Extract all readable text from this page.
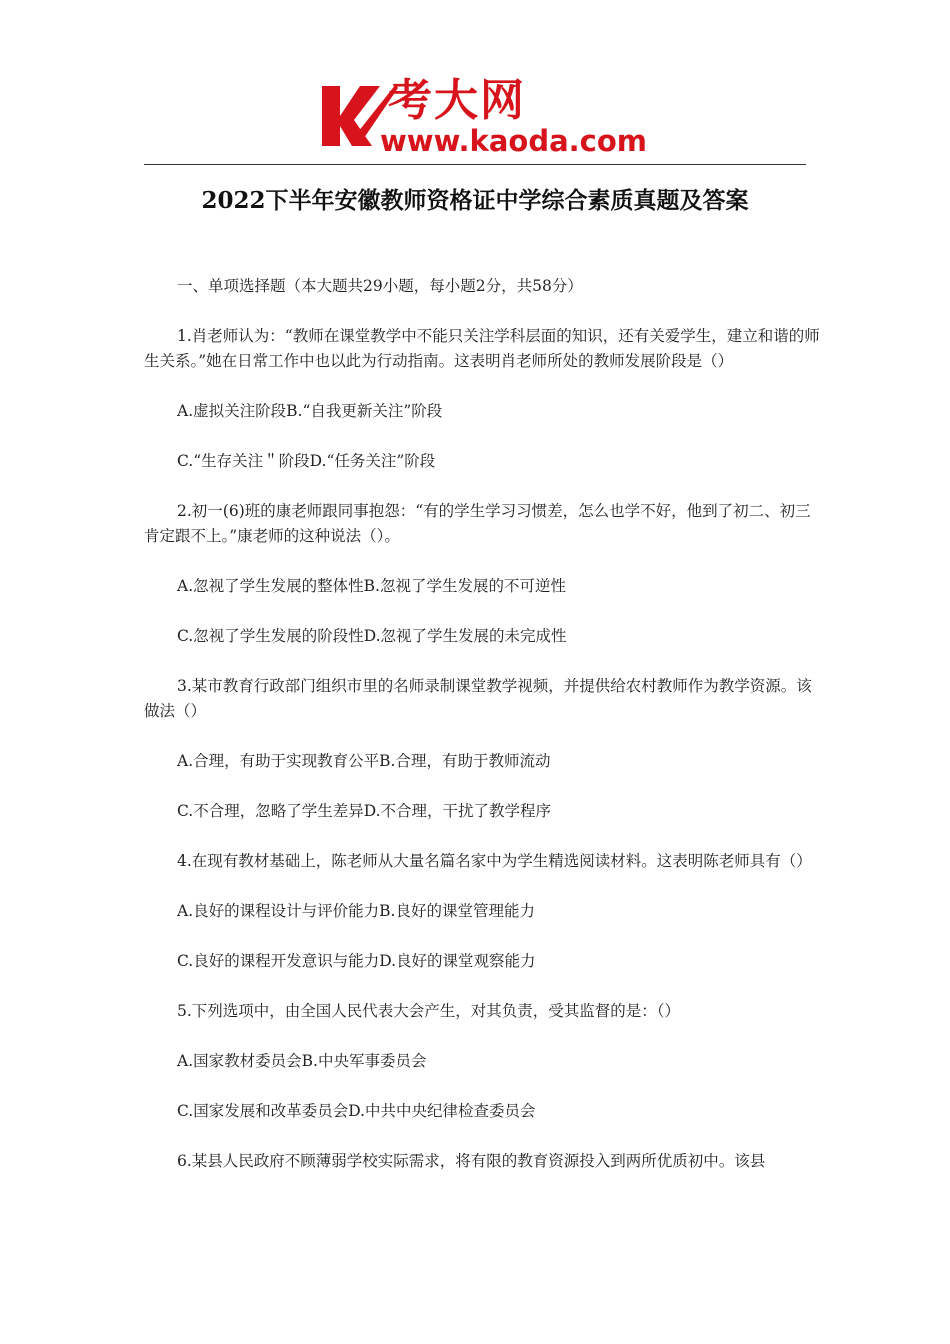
考大网
www.kaoda.com
2022下半年安徽教师资格证中学综合素质真题及答案

一、单项选择题（本大题共29小题，每小题2分，共58分）

1.肖老师认为：“教师在课堂教学中不能只关注学科层面的知识，还有关爱学生，建立和谐的师生关系。”她在日常工作中也以此为行动指南。这表明肖老师所处的教师发展阶段是（）

A.虚拟关注阶段B.“自我更新关注”阶段

C.“生存关注＂阶段D.“任务关注”阶段

2.初一(6)班的康老师跟同事抱怨：“有的学生学习习惯差，怎么也学不好，他到了初二、初三肯定跟不上。”康老师的这种说法（）。

A.忽视了学生发展的整体性B.忽视了学生发展的不可逆性

C.忽视了学生发展的阶段性D.忽视了学生发展的未完成性

3.某市教育行政部门组织市里的名师录制课堂教学视频，并提供给农村教师作为教学资源。该做法（）

A.合理，有助于实现教育公平B.合理，有助于教师流动

C.不合理，忽略了学生差异D.不合理，干扰了教学程序

4.在现有教材基础上，陈老师从大量名篇名家中为学生精选阅读材料。这表明陈老师具有（）

A.良好的课程设计与评价能力B.良好的课堂管理能力

C.良好的课程开发意识与能力D.良好的课堂观察能力

5.下列选项中，由全国人民代表大会产生，对其负责，受其监督的是：（）

A.国家教材委员会B.中央军事委员会

C.国家发展和改革委员会D.中共中央纪律检查委员会

6.某县人民政府不顾薄弱学校实际需求，将有限的教育资源投入到两所优质初中。该县
